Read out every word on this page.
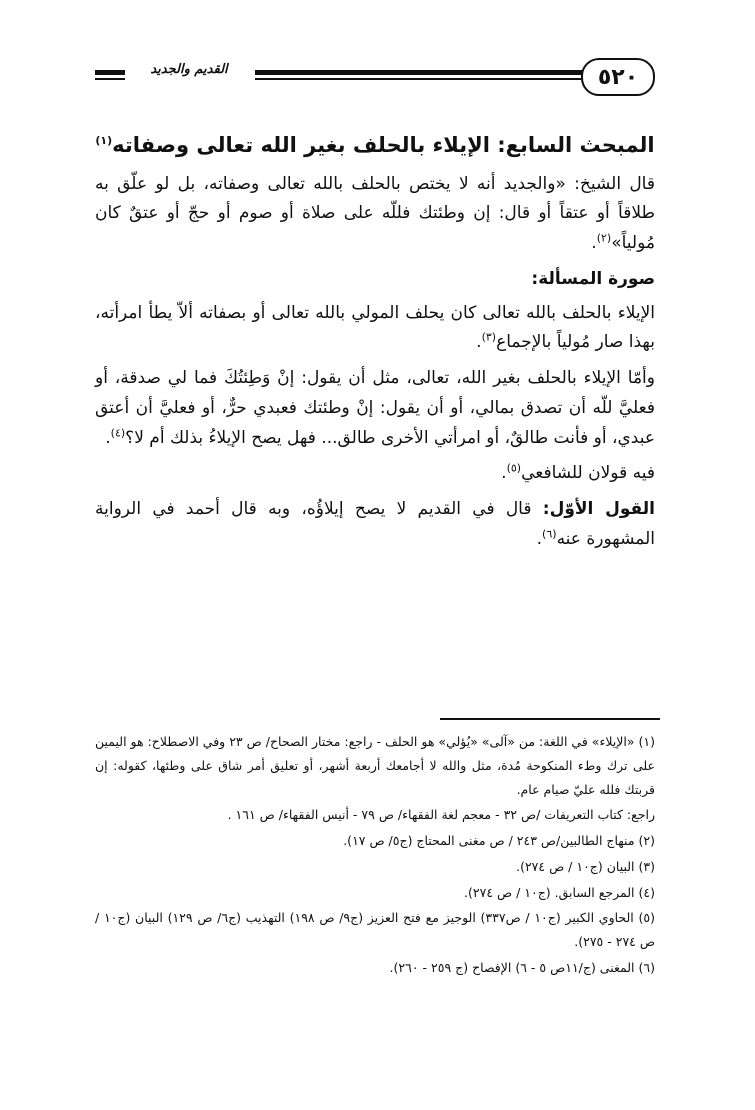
٥٢٠
القديم والجديد
المبحث السابع: الإيلاء بالحلف بغير الله تعالى وصفاته$^{(١)}$

قال الشيخ: «والجديد أنه لا يختص بالحلف بالله تعالى وصفاته، بل لو علّق به طلاقاً أو عتقاً أو قال: إن وطئتك فللّه على صلاة أو صوم أو حجّ أو عتقٌ كان مُولياً»$^{(٢)}$.

صورة المسألة:

الإيلاء بالحلف بالله تعالى كان يحلف المولي بالله تعالى أو بصفاته ألاّ يطأ امرأته، بهذا صار مُولياً بالإجماع$^{(٣)}$.

وأمّا الإيلاء بالحلف بغير الله، تعالى، مثل أن يقول: إنْ وَطِئتُكَ فما لي صدقة، أو فعليَّ للّه أن تصدق بمالي، أو أن يقول: إنْ وطئتك فعبدي حرٌّ، أو فعليَّ أن أعتق عبدي، أو فأنت طالقٌ، أو امرأتي الأخرى طالق... فهل يصح الإيلاءُ بذلك أم لا؟$^{(٤)}$.

فيه قولان للشافعي$^{(٥)}$.

القول الأوّل: قال في القديم لا يصح إيلاؤُه، وبه قال أحمد في الرواية المشهورة عنه$^{(٦)}$.

(١) «الإيلاء» في اللغة: من «آلى» «يُؤلي» هو الحلف - راجع: مختار الصحاح/ ص ٢٣ وفي الاصطلاح: هو اليمين على ترك وطء المنكوحة مُدة، مثل والله لا أجامعك أربعة أشهر، أو تعليق أمر شاق على وطئها، كقوله: إن قربتك فلله عليّ صيام عام.

راجع: كتاب التعريفات /ص ٣٢ - معجم لغة الفقهاء/ ص ٧٩ - أنيس الفقهاء/ ص ١٦١ .

(٢) منهاج الطالبين/ص ٢٤٣ / ص مغنى المحتاج (ج٥/ ص ١٧).

(٣) البيان (ج١٠ / ص ٢٧٤).

(٤) المرجع السابق. (ج١٠ / ص ٢٧٤).

(٥) الحاوي الكبير (ج١٠ / ص٣٣٧) الوجيز مع فتح العزيز (ج٩/ ص ١٩٨) التهذيب (ج٦/ ص ١٢٩) البيان (ج١٠ / ص ٢٧٤ - ٢٧٥).

(٦) المغنى (ج/١١ص ٥ - ٦) الإفصاح (ج ٢٥٩ - ٢٦٠).
